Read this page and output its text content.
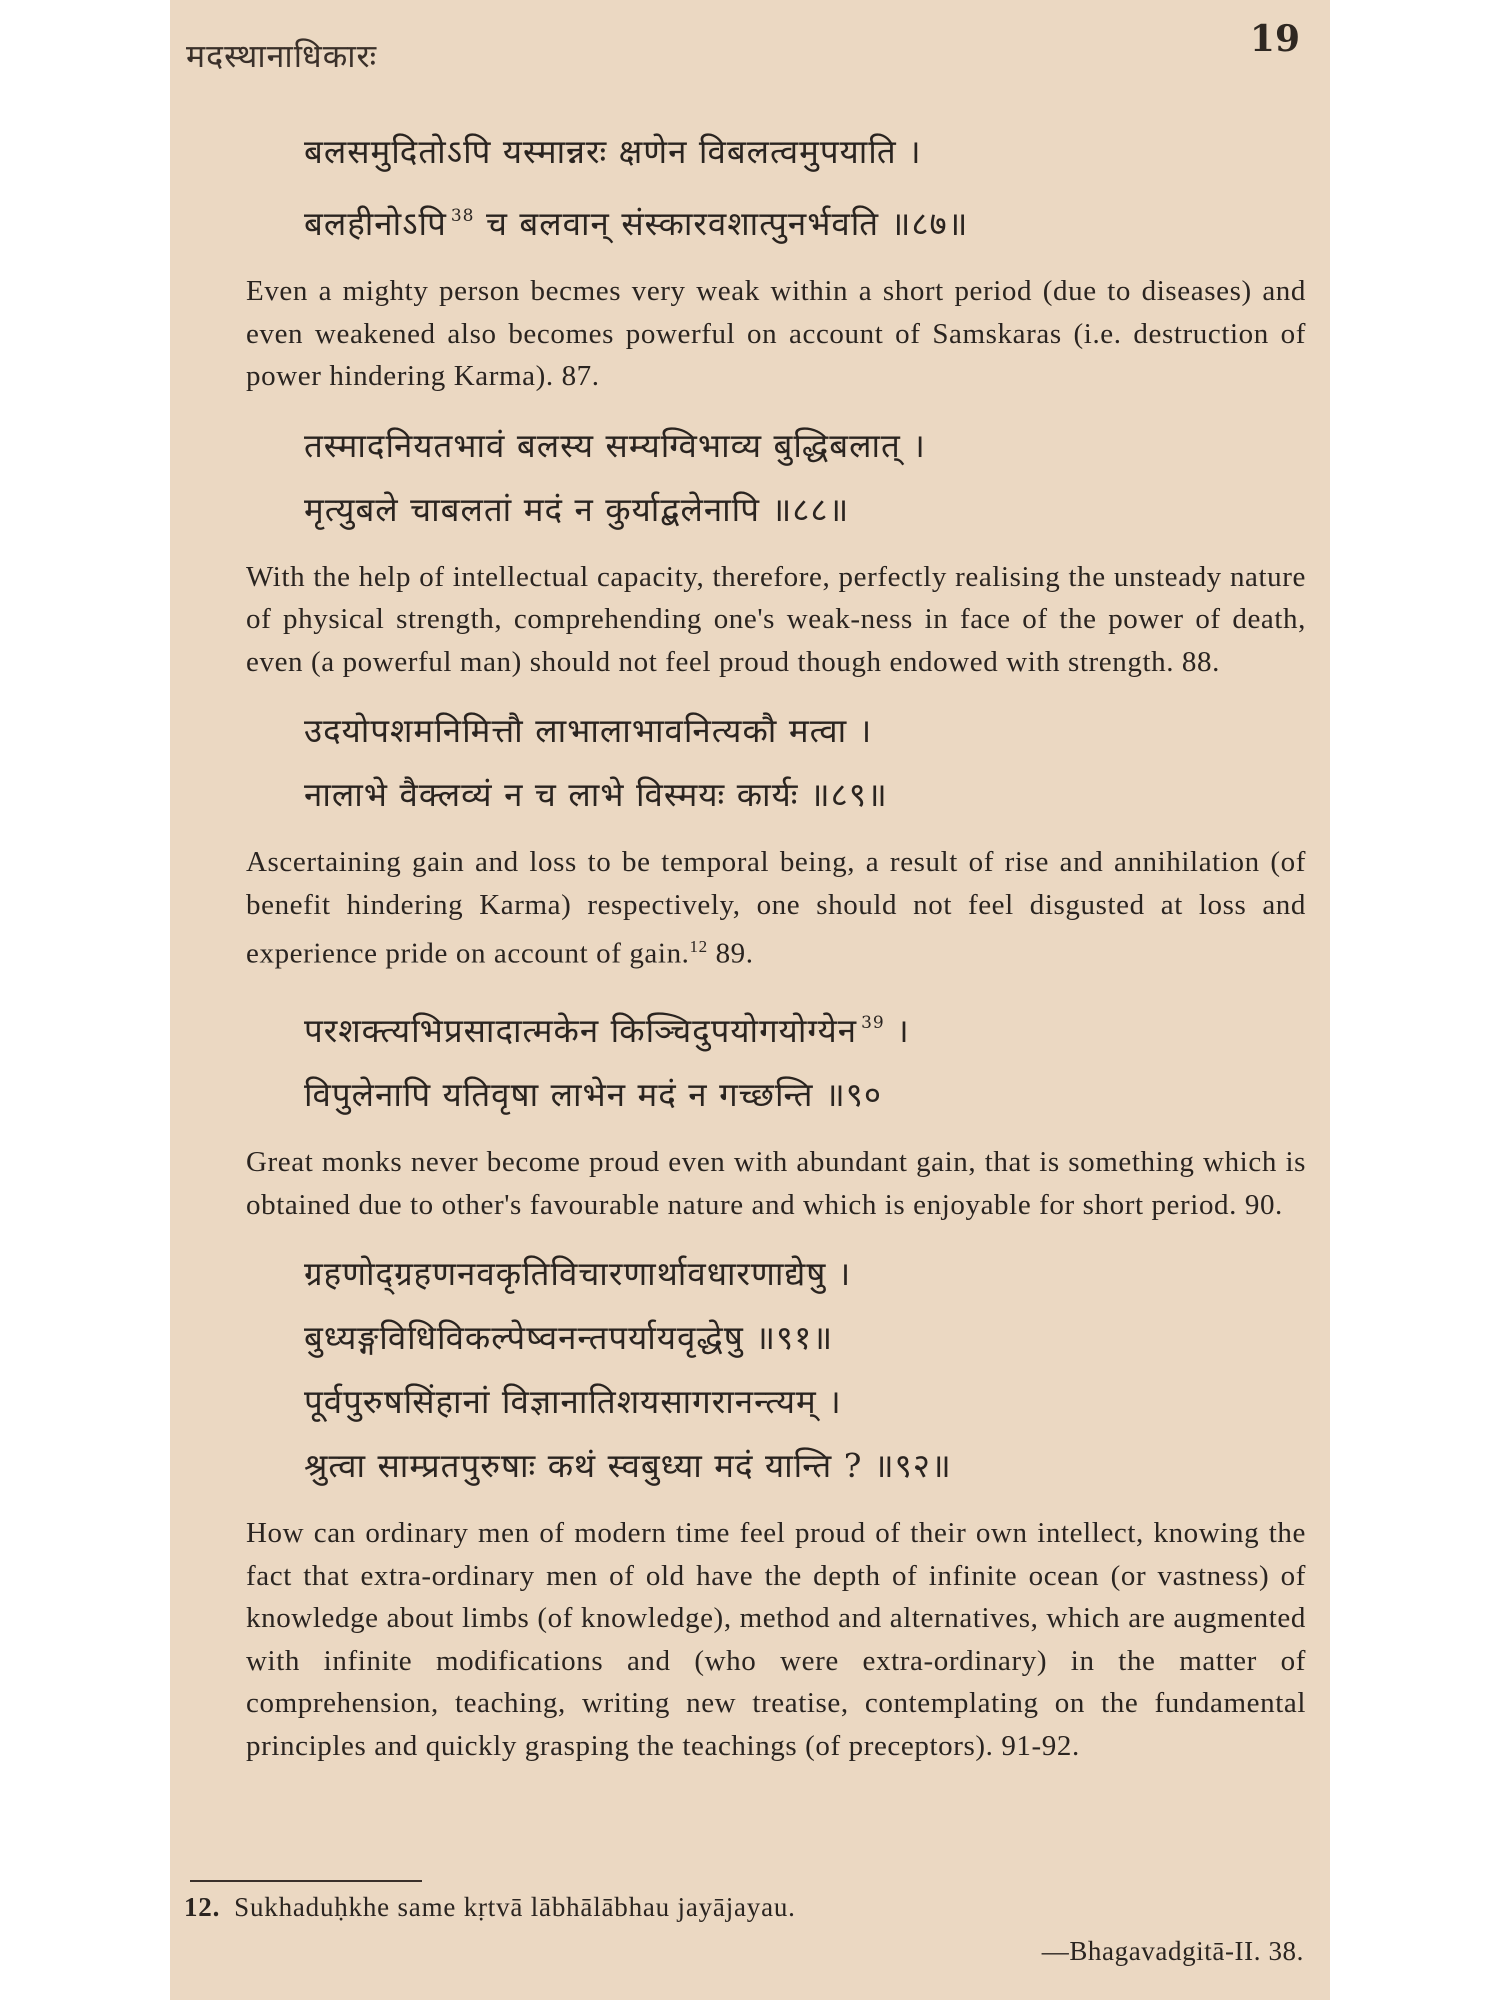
मदस्थानाधिकारः	19
बलसमुदितोऽपि यस्मान्नरः क्षणेन विबलत्वमुपयाति ।
बलहीनोऽपि $^{38}$ च बलवान् संस्कारवशात्पुनर्भवति ॥८७॥

Even a mighty person becmes very weak within a short period (due to diseases) and even weakened also becomes powerful on account of Samskaras (i.e. destruction of power hindering Karma). 87.

तस्मादनियतभावं बलस्य सम्यग्विभाव्य बुद्धिबलात् ।
मृत्युबले चाबलतां मदं न कुर्याद्बलेनापि ॥८८॥

With the help of intellectual capacity, therefore, perfectly realising the unsteady nature of physical strength, comprehending one's weak-ness in face of the power of death, even (a powerful man) should not feel proud though endowed with strength. 88.

उदयोपशमनिमित्तौ लाभालाभावनित्यकौ मत्वा ।
नालाभे वैक्लव्यं न च लाभे विस्मयः कार्यः ॥८९॥

Ascertaining gain and loss to be temporal being, a result of rise and annihilation (of benefit hindering Karma) respectively, one should not feel disgusted at loss and experience pride on account of gain.$^{12}$ 89.

परशक्त्यभिप्रसादात्मकेन किञ्चिदुपयोगयोग्येन $^{39}$ ।
विपुलेनापि यतिवृषा लाभेन मदं न गच्छन्ति ॥९०

Great monks never become proud even with abundant gain, that is something which is obtained due to other's favourable nature and which is enjoyable for short period. 90.

ग्रहणोद्ग्रहणनवकृतिविचारणार्थावधारणाद्येषु ।
बुध्यङ्गविधिविकल्पेष्वनन्तपर्यायवृद्धेषु ॥९१॥
पूर्वपुरुषसिंहानां विज्ञानातिशयसागरानन्त्यम् ।
श्रुत्वा साम्प्रतपुरुषाः कथं स्वबुध्या मदं यान्ति ? ॥९२॥

How can ordinary men of modern time feel proud of their own intellect, knowing the fact that extra-ordinary men of old have the depth of infinite ocean (or vastness) of knowledge about limbs (of knowledge), method and alternatives, which are augmented with infinite modifications and (who were extra-ordinary) in the matter of comprehension, teaching, writing new treatise, contemplating on the fundamental principles and quickly grasping the teachings (of preceptors). 91-92.

12. Sukhaduḥkhe same kṛtvā lābhālābhau jayājayau.
—Bhagavadgitā-II. 38.
